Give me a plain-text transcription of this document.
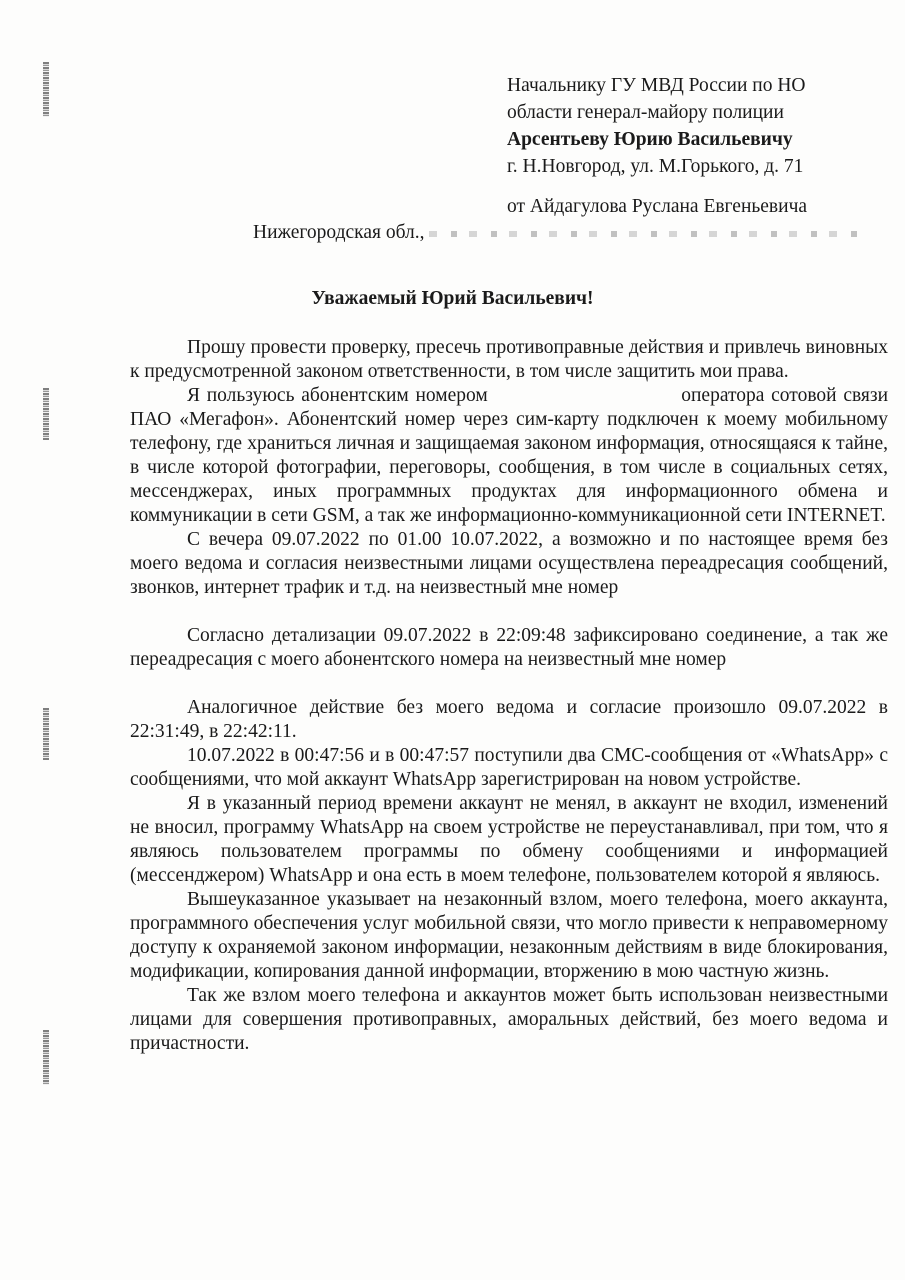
Начальнику ГУ МВД России по НО
области генерал-майору полиции
Арсентьеву Юрию Васильевичу
г. Н.Новгород, ул. М.Горького, д. 71
от Айдагулова Руслана Евгеньевича
Нижегородская обл.,
Уважаемый Юрий Васильевич!

Прошу провести проверку, пресечь противоправные действия и привлечь виновных к предусмотренной законом ответственности, в том числе защитить мои права.

Я пользуюсь абонентским номером	оператора сотовой связи ПАО «Мегафон». Абонентский номер через сим-карту подключен к моему мобильному телефону, где храниться личная и защищаемая законом информация, относящаяся к тайне, в числе которой фотографии, переговоры, сообщения, в том числе в социальных сетях, мессенджерах, иных программных продуктах для информационного обмена и коммуникации в сети GSM, а так же информационно-коммуникационной сети INTERNET.

С вечера 09.07.2022 по 01.00 10.07.2022, а возможно и по настоящее время без моего ведома и согласия неизвестными лицами осуществлена переадресация сообщений, звонков, интернет трафик и т.д. на неизвестный мне номер

Согласно детализации 09.07.2022 в 22:09:48 зафиксировано соединение, а так же переадресация с моего абонентского номера на неизвестный мне номер

Аналогичное действие без моего ведома и согласие произошло 09.07.2022 в 22:31:49, в 22:42:11.

10.07.2022 в 00:47:56 и в 00:47:57 поступили два СМС-сообщения от «WhatsApp» с сообщениями, что мой аккаунт WhatsApp зарегистрирован на новом устройстве.

Я в указанный период времени аккаунт не менял, в аккаунт не входил, изменений не вносил, программу WhatsApp на своем устройстве не переустанавливал, при том, что я являюсь пользователем программы по обмену сообщениями и информацией (мессенджером) WhatsApp и она есть в моем телефоне, пользователем которой я являюсь.

Вышеуказанное указывает на незаконный взлом, моего телефона, моего аккаунта, программного обеспечения услуг мобильной связи, что могло привести к неправомерному доступу к охраняемой законом информации, незаконным действиям в виде блокирования, модификации, копирования данной информации, вторжению в мою частную жизнь.

Так же взлом моего телефона и аккаунтов может быть использован неизвестными лицами для совершения противоправных, аморальных действий, без моего ведома и причастности.
